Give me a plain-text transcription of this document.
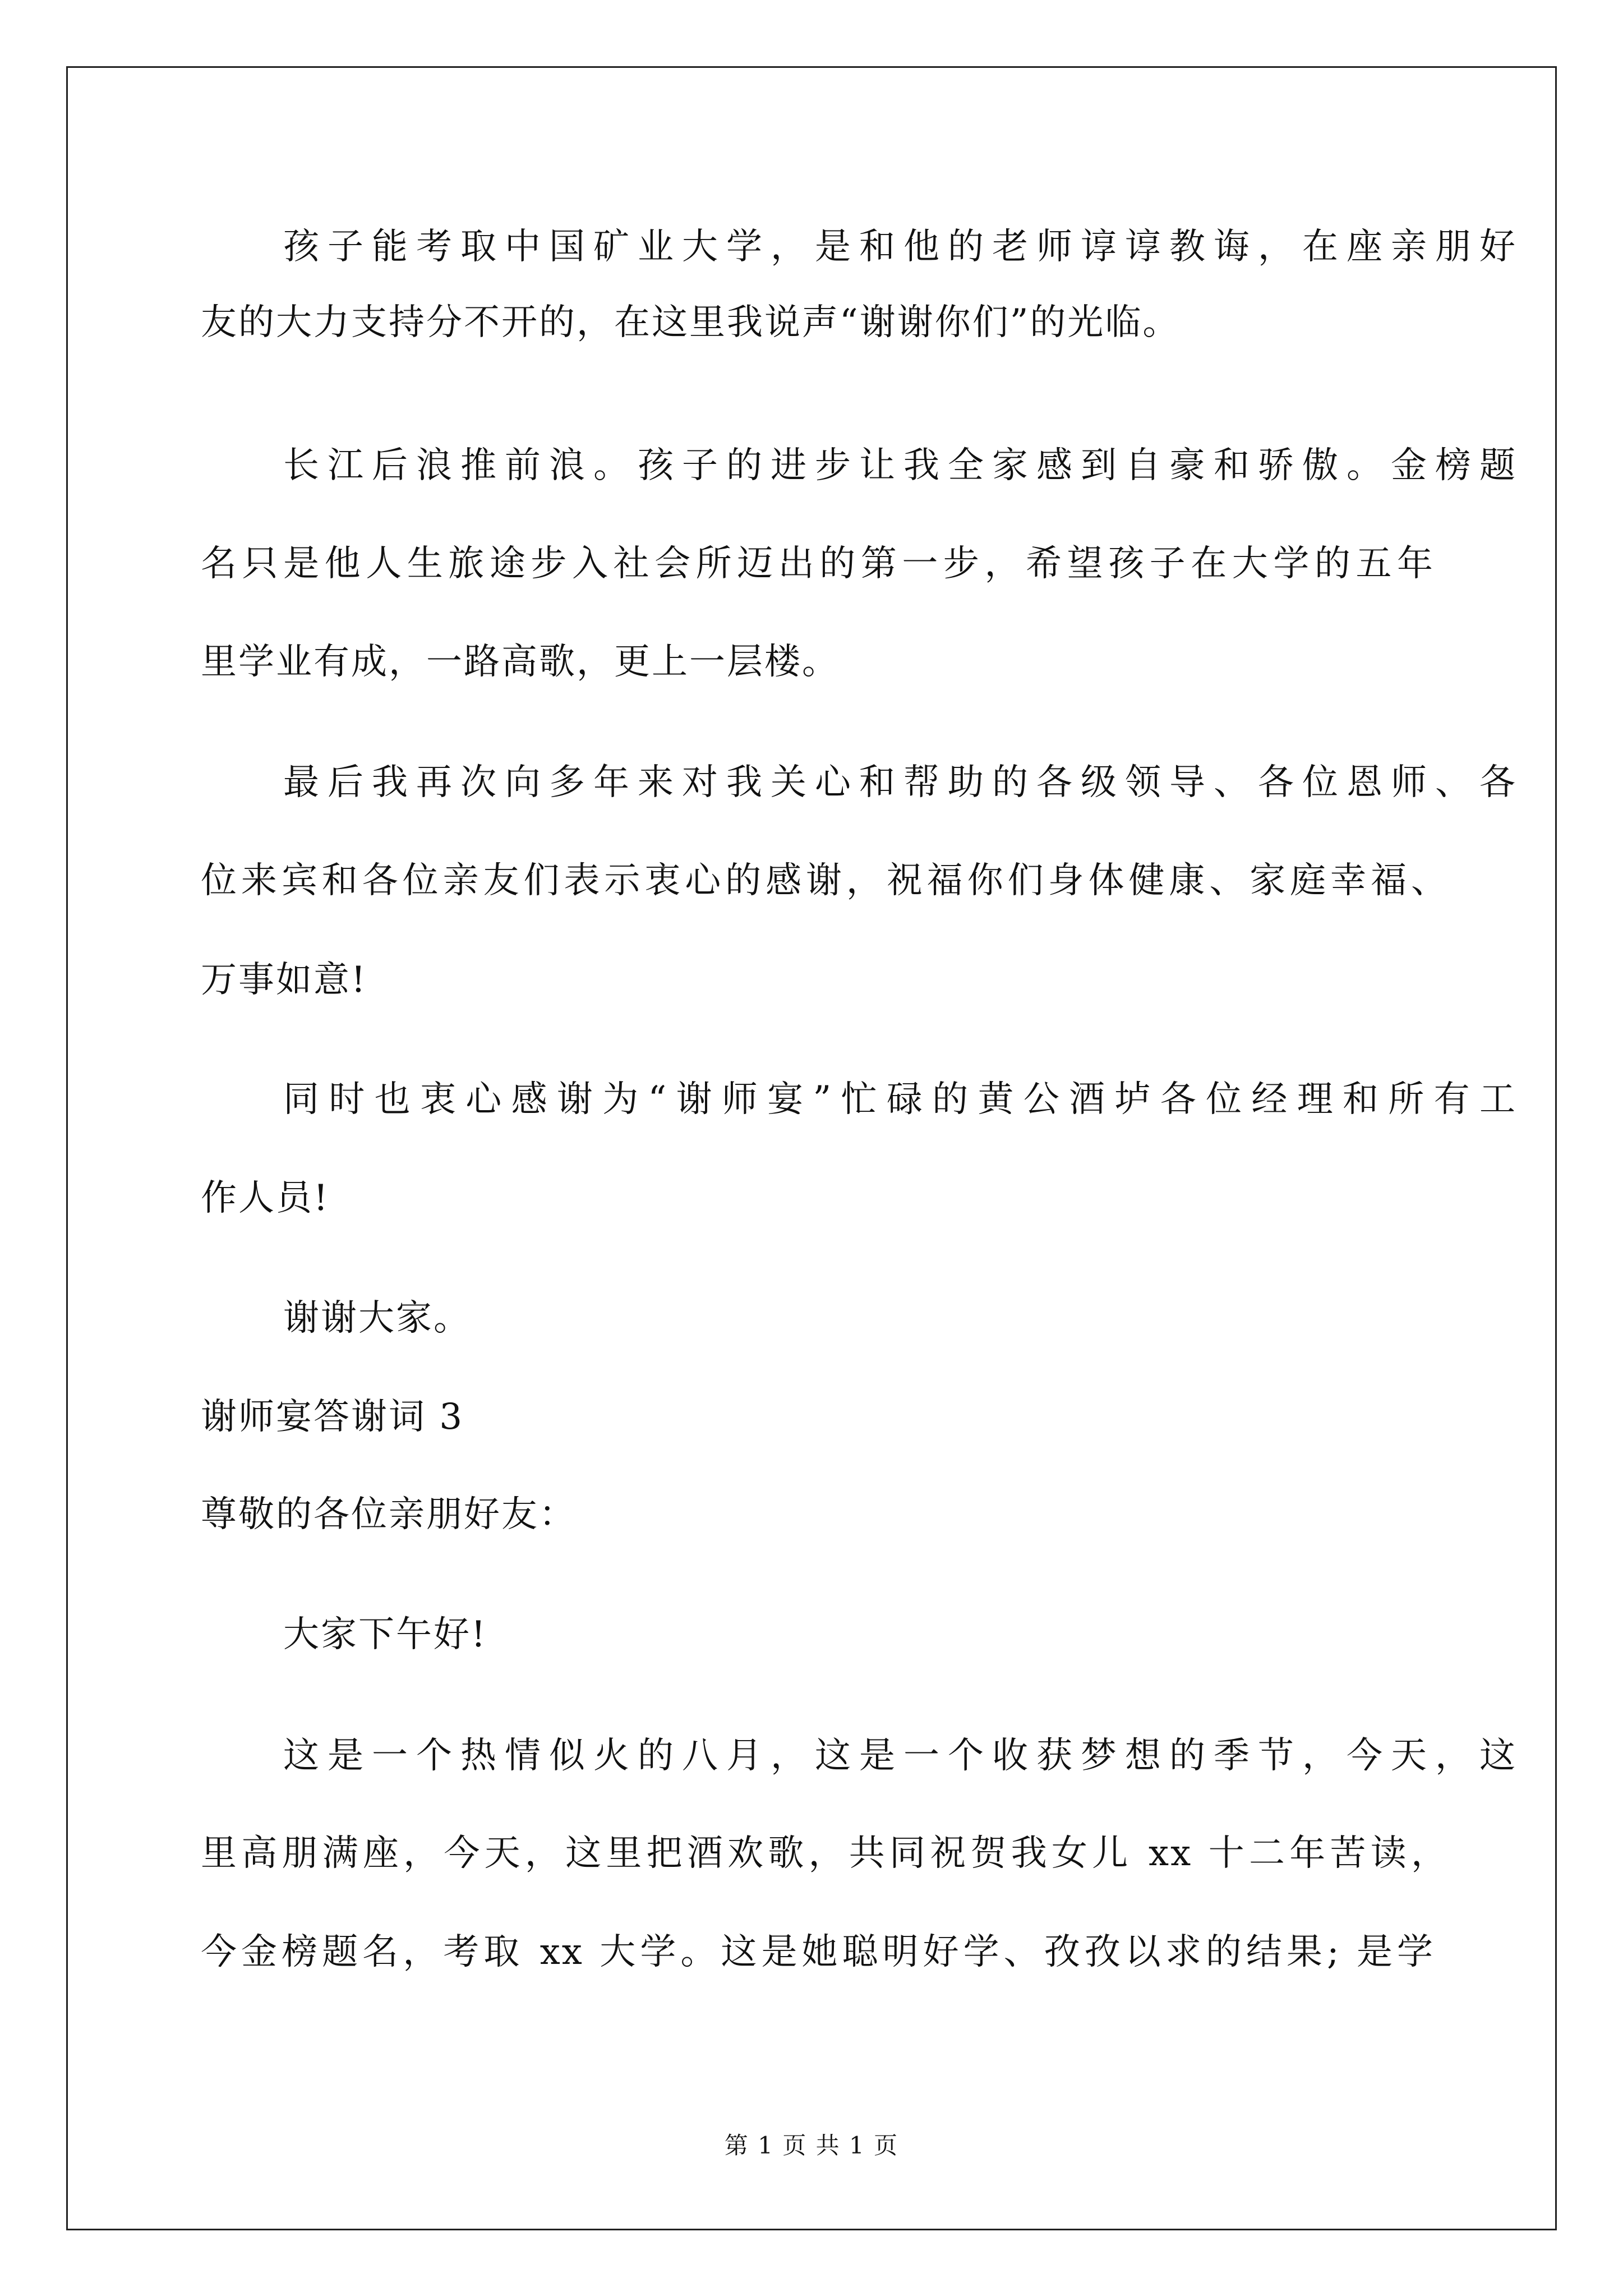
孩子能考取中国矿业大学，是和他的老师谆谆教诲，在座亲朋好
友的大力支持分不开的，在这里我说声“谢谢你们”的光临。
长江后浪推前浪。孩子的进步让我全家感到自豪和骄傲。金榜题
名只是他人生旅途步入社会所迈出的第一步，希望孩子在大学的五年
里学业有成，一路高歌，更上一层楼。
最后我再次向多年来对我关心和帮助的各级领导、各位恩师、各
位来宾和各位亲友们表示衷心的感谢，祝福你们身体健康、家庭幸福、
万事如意!
同时也衷心感谢为“谢师宴”忙碌的黄公酒垆各位经理和所有工
作人员!
谢谢大家。
谢师宴答谢词 3
尊敬的各位亲朋好友：
大家下午好!
这是一个热情似火的八月，这是一个收获梦想的季节，今天，这
里高朋满座，今天，这里把酒欢歌，共同祝贺我女儿 xx 十二年苦读，
今金榜题名，考取 xx 大学。这是她聪明好学、孜孜以求的结果; 是学
第 1 页 共 1 页
